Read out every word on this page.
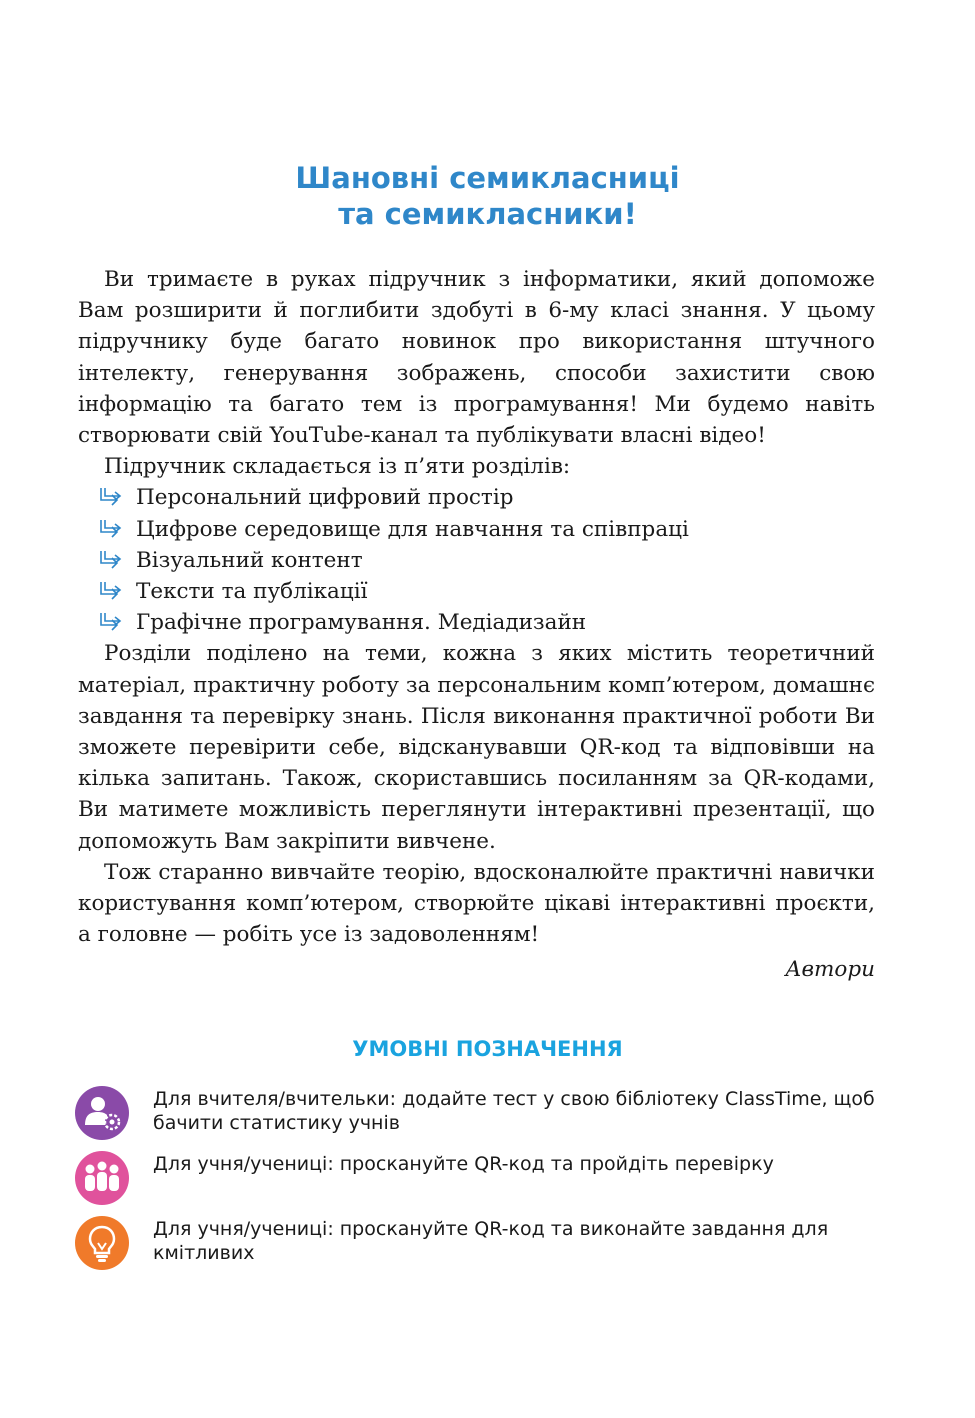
Шановні семикласниці
та семикласники!

Ви тримаєте в руках підручник з інформатики, який допоможе Вам розширити й поглибити здобуті в 6-му класі знання. У цьому підручнику буде багато новинок про використання штучного інтелекту, генерування зображень, способи захистити свою інформацію та багато тем із програмування! Ми будемо навіть створювати свій YouTube-канал та публікувати власні відео!

Підручник складається із п’яти розділів:

Персональний цифровий простір
Цифрове середовище для навчання та співпраці
Візуальний контент
Тексти та публікації
Графічне програмування. Медіадизайн

Розділи поділено на теми, кожна з яких містить теоретичний матеріал, практичну роботу за персональним комп’ютером, домашнє завдання та перевірку знань. Після виконання практичної роботи Ви зможете перевірити себе, відсканувавши QR-код та відповівши на кілька запитань. Також, скориставшись посиланням за QR-кодами, Ви матимете можливість переглянути інтерактивні презентації, що допоможуть Вам закріпити вивчене.

Тож старанно вивчайте теорію, вдосконалюйте практичні навички користування комп’ютером, створюйте цікаві інтерактивні проєкти, а головне — робіть усе із задоволенням!

Автори
УМОВНІ ПОЗНАЧЕННЯ
Для вчителя/вчительки: додайте тест у свою бібліотеку ClassTime, щоб бачити статистику учнів
Для учня/учениці: проскануйте QR-код та пройдіть перевірку
Для учня/учениці: проскануйте QR-код та виконайте завдання для кмітливих
